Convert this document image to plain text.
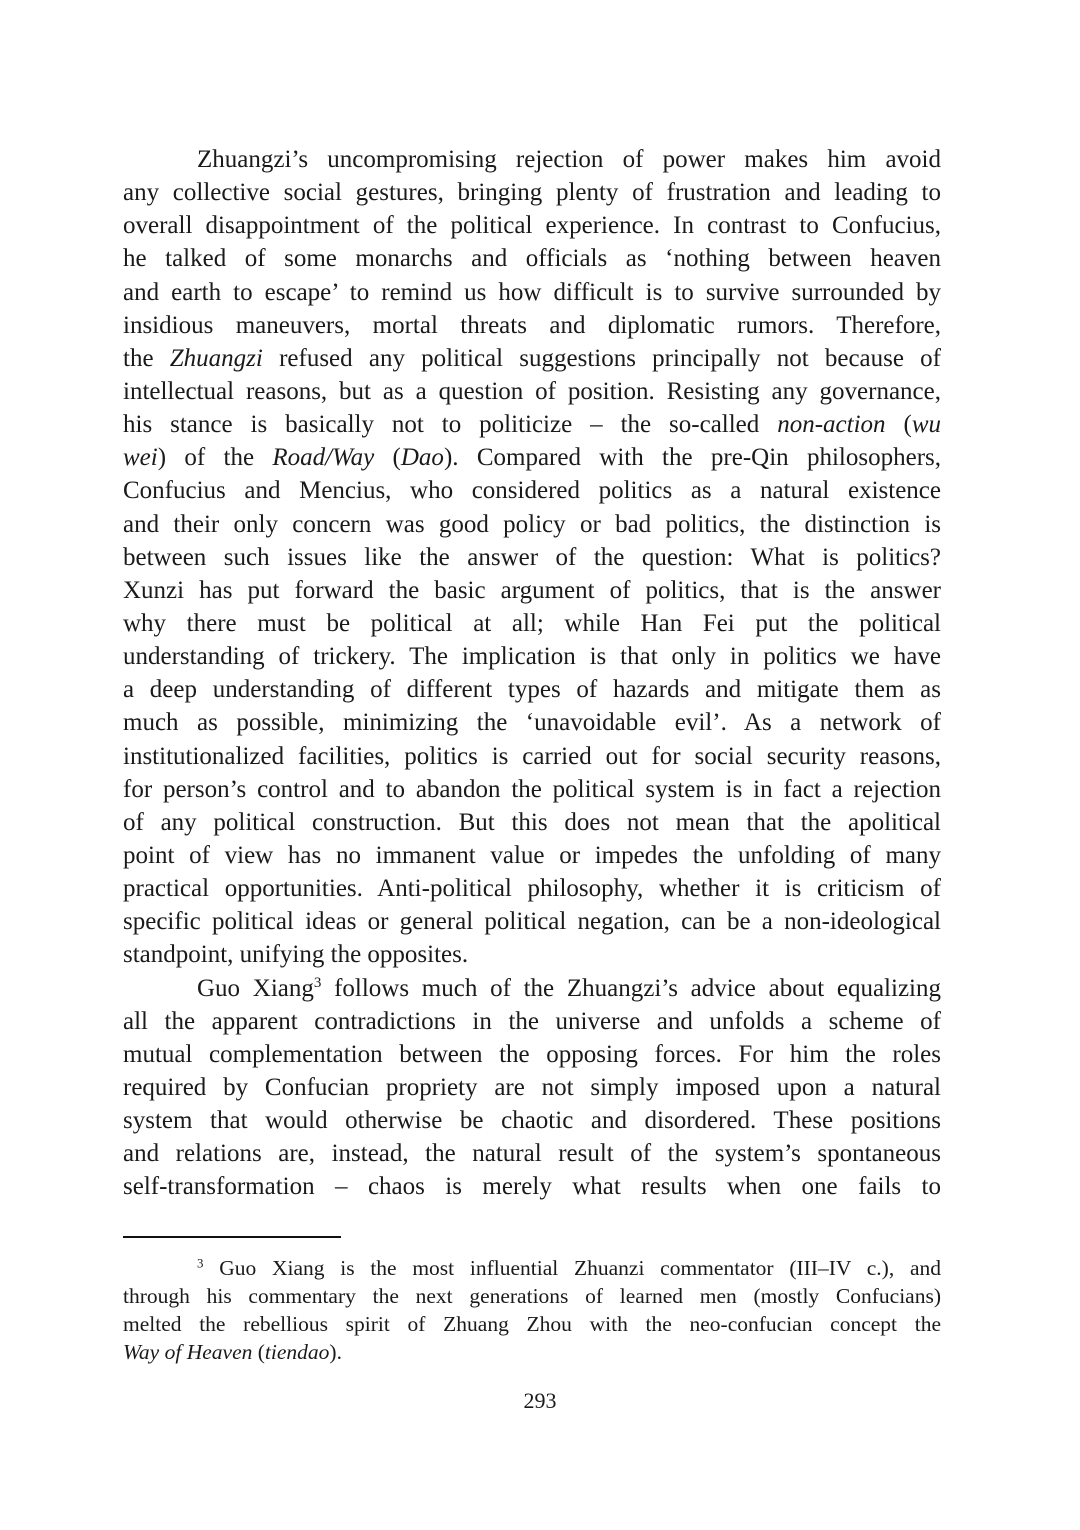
Zhuangzi’s uncompromising rejection of power makes him avoid
any collective social gestures, bringing plenty of frustration and leading to
overall disappointment of the political experience. In contrast to Confucius,
he talked of some monarchs and officials as ‘nothing between heaven
and earth to escape’ to remind us how difficult is to survive surrounded by
insidious maneuvers, mortal threats and diplomatic rumors. Therefore,
the Zhuangzi refused any political suggestions principally not because of
intellectual reasons, but as a question of position. Resisting any governance,
his stance is basically not to politicize – the so-called non-action (wu
wei) of the Road/Way (Dao). Compared with the pre-Qin philosophers,
Confucius and Mencius, who considered politics as a natural existence
and their only concern was good policy or bad politics, the distinction is
between such issues like the answer of the question: What is politics?
Xunzi has put forward the basic argument of politics, that is the answer
why there must be political at all; while Han Fei put the political
understanding of trickery. The implication is that only in politics we have
a deep understanding of different types of hazards and mitigate them as
much as possible, minimizing the ‘unavoidable evil’. As a network of
institutionalized facilities, politics is carried out for social security reasons,
for person’s control and to abandon the political system is in fact a rejection
of any political construction. But this does not mean that the apolitical
point of view has no immanent value or impedes the unfolding of many
practical opportunities. Anti-political philosophy, whether it is criticism of
specific political ideas or general political negation, can be a non-ideological
standpoint, unifying the opposites.
Guo Xiang$^3$ follows much of the Zhuangzi’s advice about equalizing
all the apparent contradictions in the universe and unfolds a scheme of
mutual complementation between the opposing forces. For him the roles
required by Confucian propriety are not simply imposed upon a natural
system that would otherwise be chaotic and disordered. These positions
and relations are, instead, the natural result of the system’s spontaneous
self-transformation – chaos is merely what results when one fails to
$^3$ Guo Xiang is the most influential Zhuanzi commentator (III–IV c.), and
through his commentary the next generations of learned men (mostly Confucians)
melted the rebellious spirit of Zhuang Zhou with the neo-confucian concept the
Way of Heaven (tiendao).
293
